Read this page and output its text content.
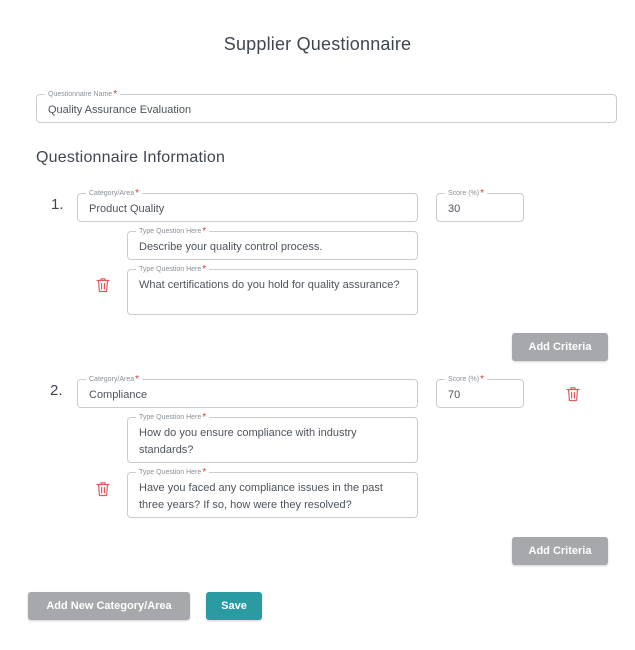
Supplier Questionnaire
Questionnaire Name*
Quality Assurance Evaluation
Questionnaire Information
1.
Category/Area*
Product Quality
Score (%)*
30
Type Question Here*
Describe your quality control process.
Type Question Here*
What certifications do you hold for quality assurance?
Add Criteria
2.
Category/Area*
Compliance
Score (%)*
70
Type Question Here*
How do you ensure compliance with industry standards?
Type Question Here*
Have you faced any compliance issues in the past three years? If so, how were they resolved?
Add Criteria
Add New Category/Area	Save
